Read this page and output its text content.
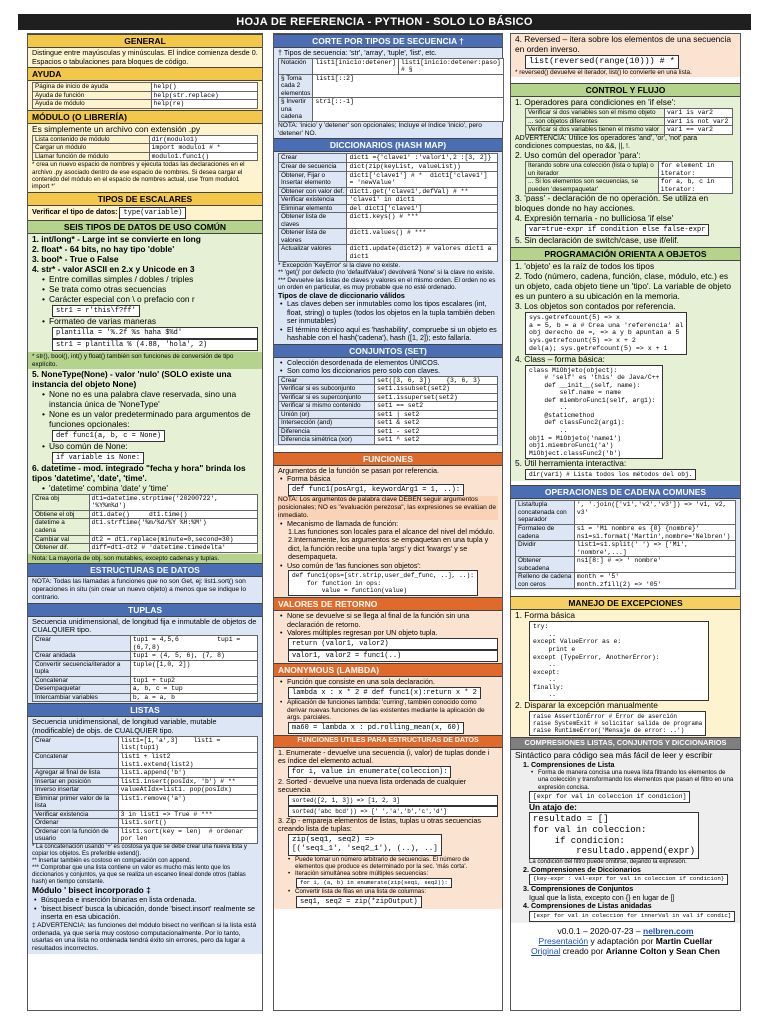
HOJA DE REFERENCIA - PYTHON - SOLO LO BÁSICO
GENERAL
Distingue entre mayúsculas y minúsculas. El índice comienza desde 0. Espacios o tabulaciones para bloques de código.
AYUDA
Página de inicio de ayuda	help()
Ayuda de función	help(str.replace)
Ayuda de módulo	help(re)
MÓDULO (O LIBRERÍA)
Es simplemente un archivo con extensión .py
Lista contenido de módulo	dir(modulo1)
Cargar un módulo	import modulo1 # *
Llamar función de módulo	modulo1.func1()
* crea un nuevo espacio de nombres y ejecuta todas las declaraciones en el archivo .py asociado dentro de ese espacio de nombres. Si desea cargar el contenido del módulo en el espacio de nombres actual, use 'from modulo1 import *'
TIPOS DE ESCALARES
Verificar el tipo de datos: type(variable)
SEIS TIPOS DE DATOS DE USO COMÚN
1. int/long* - Large int se convierte en long
2. float* - 64 bits, no hay tipo 'doble'
3. bool* - True o False
4. str* - valor ASCII en 2.x y Unicode en 3
• Entre comillas simples / dobles / triples
• Se trata como otras secuencias
• Carácter especial con \ o prefacio con r
str1 = r'this\f?ff'
• Formateo de varias maneras
plantilla = '%.2f %s haha $%d'
str1 = plantilla % (4.88, 'hola', 2)
* str(), bool(), int() y float() también son funciones de conversión de tipo explícito.
5. NoneType(None) - valor 'nulo' (SOLO existe una instancia del objeto None)
• None no es una palabra clave reservada, sino una instancia única de 'NoneType'
• None es un valor predeterminado para argumentos de funciones opcionales:
def func1(a, b, c = None)
• Uso común de None:
if variable is None:
6. datetime - mod. integrado "fecha y hora" brinda los tipos 'datetime', 'date', 'time'.
• 'datetime' combina 'date' y 'time'
Crea obj	dt1=datetime.strptime('20200722', '%Y%m%d')
Obtiene el obj	dt1.date()     dt1.time()
datetime a cadena	dt1.strftime('%m/%d/%Y %H:%M')
Cambiar val	dt2 = dt1.replace(minute=0,second=30)
Obtener dif.	diff=dt1-dt2 # 'datetime.timedelta'
Nota: La mayoría de obj. son mutables, excepto cadenas y tuplas.
ESTRUCTURAS DE DATOS
NOTA: Todas las llamadas a funciones que no son Get, ej: list1.sort() son operaciones in situ (sin crear un nuevo objeto) a menos que se indique lo contrario.
TUPLAS
Secuencia unidimensional, de longitud fija e inmutable de objetos de CUALQUIER tipo.
Crear	tup1 = 4,5,6          tup1 = (6,7,8)
Crear anidada	tup1 = (4, 5, 6), (7, 8)
Convertir secuencia/iterador a tupla	tuple([1,0, 2])
Concatenar	tup1 + tup2
Desempaquetar	a, b, c = tup
Intercambiar variables	b, a = a, b
LISTAS
Secuencia unidimensional, de longitud variable, mutable (modificable) de objs. de CUALQUIER tipo.
Crear	list1=[1,'a',3]    list1 = list(tup1)
Concatenar	list1 + list2    list1.extend(list2)
Agregar al final de lista	list1.append('b')
Insertar en posición	list1.insert(posIdx, 'b') # **
Inverso insertar	valueAtIdx=list1. pop(posIdx)
Eliminar primer valor de la lista	list1.remove('a')
Verificar existencia	3 in list1 => True # ***
Ordenar	list1.sort()
Ordenar con la función de usuario	list1.sort(key = len)  # ordenar por len
* La concatenación usando '+' es costosa ya que se debe crear una nueva lista y copiar los objetos. Es preferible extend().
** Insertar también es costoso en comparación con append.
*** Comprobar que una lista contiene un valor es mucho más lento que los diccionarios y conjuntos, ya que se realiza un escaneo lineal donde otros (tablas hash) en tiempo constante.
Módulo ' bisect incorporado ‡
• Búsqueda e inserción binarias en lista ordenada.
• 'bisect.bisect' busca la ubicación, donde 'bisect.insort' realmente se inserta en esa ubicación.
‡ ADVERTENCIA: las funciones del módulo bisect no verifican si la lista está ordenada, ya que sería muy costoso computacionalmente. Por lo tanto, usarlas en una lista no ordenada tendrá éxito sin errores, pero da lugar a resultados incorrectos.
CORTE POR TIPOS DE SECUENCIA †
† Tipos de secuencia: 'str', 'array', 'tuple', 'list', etc.
Notación	list1[inicio:detener]	list1[inicio:detener:paso] # §
§ Toma cada 2 elementos	list1[::2]	
§ Invertir una cadena	str1[::-1]	
NOTA: 'inicio' y 'detener' son opcionales; Incluye el índice 'inicio', pero 'detener' NO.
DICCIONARIOS (HASH MAP)
Crear	dict1 ={'clave1' :'valor1',2 :[3, 2]}
Crear de secuencia	dict(zip(keyList, valueList))
Obtener, Fijar o Insertar elemento	dict1['clave1'] # *  dict1['clave1'] = 'newValue'
Obtener con valor def.	dict1.get('clave1',defVal) # **
Verificar existencia	'clave1' in dict1
Eliminar elemento	del dict1['clave1']
Obtener lista de claves	dict1.keys() # ***
Obtener lista de valores	dict1.values() # ***
Actualizar valores	dict1.update(dict2) # valores dict1 a dict1
* Excepción 'KeyError' si la clave no existe.
** 'get()' por defecto (no 'defaultValue') devolverá 'None' si la clave no existe.
*** Devuelve las listas de claves y valores en el mismo orden. El orden no es un orden en particular, es muy probable que no esté ordenado.
Tipos de clave de diccionario válidos
• Las claves deben ser inmutables como los tipos escalares (int, float, string) o tuples (todos los objetos en la tupla también deben ser inmutables)
• El término técnico aquí es 'hashability', compruebe si un objeto es hashable con el hash('cadena'), hash ([1, 2]); esto fallaría.
CONJUNTOS (SET)
• Colección desordenada de elementos ÚNICOS.
• Son como los diccionarios pero solo con claves.
Crear	set([3, 6, 3])    {3, 6, 3}
Verificar si es subconjunto	set1.issubset(set2)
Verificar si es superconjunto	set1.issuperset(set2)
Verificar si mismo contenido	set1 == set2
Unión (or)	set1 | set2
Intersección (and)	set1 & set2
Diferencia	set1 - set2
Diferencia simétrica (xor)	set1 ^ set2
FUNCIONES
Argumentos de la función se pasan por referencia.
• Forma básica
def func1(posArg1, keywordArg1 = 1, ..):
NOTA: Los argumentos de palabra clave DEBEN seguir argumentos posicionales; NO es "evaluación perezosa", las expresiones se evalúan de inmediato.
• Mecanismo de llamada de función:
1.Las funciones son locales para el alcance del nivel del módulo.
2.Internamente, los argumentos se empaquetan en una tupla y dict, la función recibe una tupla 'args' y dict 'kwargs' y se desempaqueta.
• Uso común de 'las funciones son objetos':
def func1(ops=[str.strip,user_def_func, ..], ..):
for function in ops:
value = function(value)
VALORES DE RETORNO
• None se devuelve si se llega al final de la función sin una declaración de retorno.
• Valores múltiples regresan por UN objeto tupla.
return (valor1, valor2)
valor1, valor2 = func1(..)
ANONYMOUS (LAMBDA)
• Función que consiste en una sola declaración.
lambda x : x * 2 # def func1(x):return x * 2
• Aplicación de funciones lambda: 'curring', también conocido como derivar nuevas funciones de las existentes mediante la aplicación de args. parciales.
ma60 = lambda x : pd.rolling_mean(x, 60)
FUNCIONES UTILES PARA ESTRUCTURAS DE DATOS
1. Enumerate - devuelve una secuencia (i, valor) de tuplas donde i es índice del elemento actual.
for i, value in enumerate(coleccion):
2. Sorted - devuelve una nueva lista ordenada de cualquier secuencia
sorted([2, 1, 3]) => [1, 2, 3]
sorted('abc bcd')) => [' ','a','b','c','d']
3. Zip - empareja elementos de listas, tuplas u otras secuencias creando lista de tuplas:
zip(seq1, seq2) =>
[('seq1_1', 'seq2_1'), (..), ..]
• Puede tomar un número arbitrario de secuencias. El número de elementos que produce es determinado por la sec. 'más corta'.
• Iteración simultánea sobre múltiples secuencias:
for i, (a, b) in enumerate(zip(seq1, seq2)):
• Convertir lista de filas en una lista de columnas:
seq1, seq2 = zip(*zipOutput)
4. Reversed – itera sobre los elementos de una secuencia en orden inverso.
list(reversed(range(10))) # *
* reversed() devuelve el iterador, list() lo convierte en una lista.
CONTROL Y FLUJO
1. Operadores para condiciones en 'if else':
Verificar si dos variables son el mismo objeto	var1 is var2
... son objetos diferentes	var1 is not var2
Verificar si dos variables tienen el mismo valor	var1 == var2
ADVERTENCIA: Utilice los operadores 'and', 'or', 'not' para condiciones compuestas, no &&, ||, !.
2. Uso común del operador 'para':
Iterando sobre una colección (lista o tupla) o un iterador	for element in iterator:
... Si los elementos son secuencias, se pueden 'desempaquetar'	for a, b, c in iterator:
3. 'pass' - declaración de no operación. Se utiliza en bloques donde no hay acciones.
4. Expresión ternaria - no bulliciosa 'if else'
var=true-expr if condition else false-expr
5. Sin declaración de switch/case, use if/elif.
PROGRAMACIÓN ORIENTA A OBJETOS
1. 'objeto' es la raíz de todos los tipos
2. Todo (número, cadena, función, clase, módulo, etc.) es un objeto, cada objeto tiene un 'tipo'. La variable de objeto es un puntero a su ubicación en la memoria.
3. Los objetos son contados por referencia.
sys.getrefcount(5) => x
a = 5, b = a # Crea una 'referencia' al
obj derecho de =, => a y b apuntan a 5
sys.getrefcount(5) => x + 2
del(a); sys.getrefcount(5) => x + 1
4. Class – forma básica:
class MiObjeto(object):
# 'self' es 'this' de Java/C++
def __init__(self, name):
self.name = name
def miembroFunc1(self, arg1):
..
@staticmethod
def classFunc2(arg1):
..
obj1 = MiObjeto('name1')
obj1.miembroFunc1('a')
MiObject.classFunc2('b')
5. Útil herramienta interactiva:
dir(var1) # Lista todos los métodos del obj.
OPERACIONES DE CADENA COMUNES
Lista/tupla concatenada con separador	', '.join(['v1','v2','v3']) => 'v1, v2, v3'
Formateo de cadena	s1 = 'Mi nombre es {0} {nombre}'
ns1=s1.format('Martin',nombre='Nelbren')
Dividir	list1=s1.split(' ') => ['Mi', 'nombre',...]
Obtener subcadena	ns1[8:] # => ' nombre'
Relleno de cadena con ceros	month = '5'
month.zfill(2) => '05'
MANEJO DE EXCEPCIONES
1. Forma básica
try:
..
except ValueError as e:
print e
except (TypeError, AnotherError):
..
except:
..
finally:
..
2. Disparar la excepción manualmente
raise AssertionError # Error de aserción
raise SystemExit # solicitar salida de programa
raise RuntimeError('Mensaje de error: ..')
COMPRESIONES LISTAS, CONJUNTOS Y DICCIONARIOS
Sintáctico para código sea más fácil de leer y escribir
1. Comprensiones de Lista
• Forma de manera concisa una nueva lista filtrando los elementos de una colección y transformando los elementos que pasan el filtro en una expresión concisa.
[expr for val in coleccion if condicion]
Un atajo de:
resultado = []
for val in coleccion:
if condicion:
resultado.append(expr)
La condición del filtro puede omitirse, dejando la expresión.
2. Comprensiones de Diccionarios
{key-expr : val-expr for val in coleccion if condicion}
3. Comprensiones de Conjuntos
Igual que la lista, excepto con {} en lugar de []
4. Comprensiones de Listas anidadas
[expr for val in coleccion for innerVal in val if condic]
v0.0.1 – 2020-07-23 – nelbren.com
Presentación y adaptación por Martin Cuellar
Original creado por Arianne Colton y Sean Chen
